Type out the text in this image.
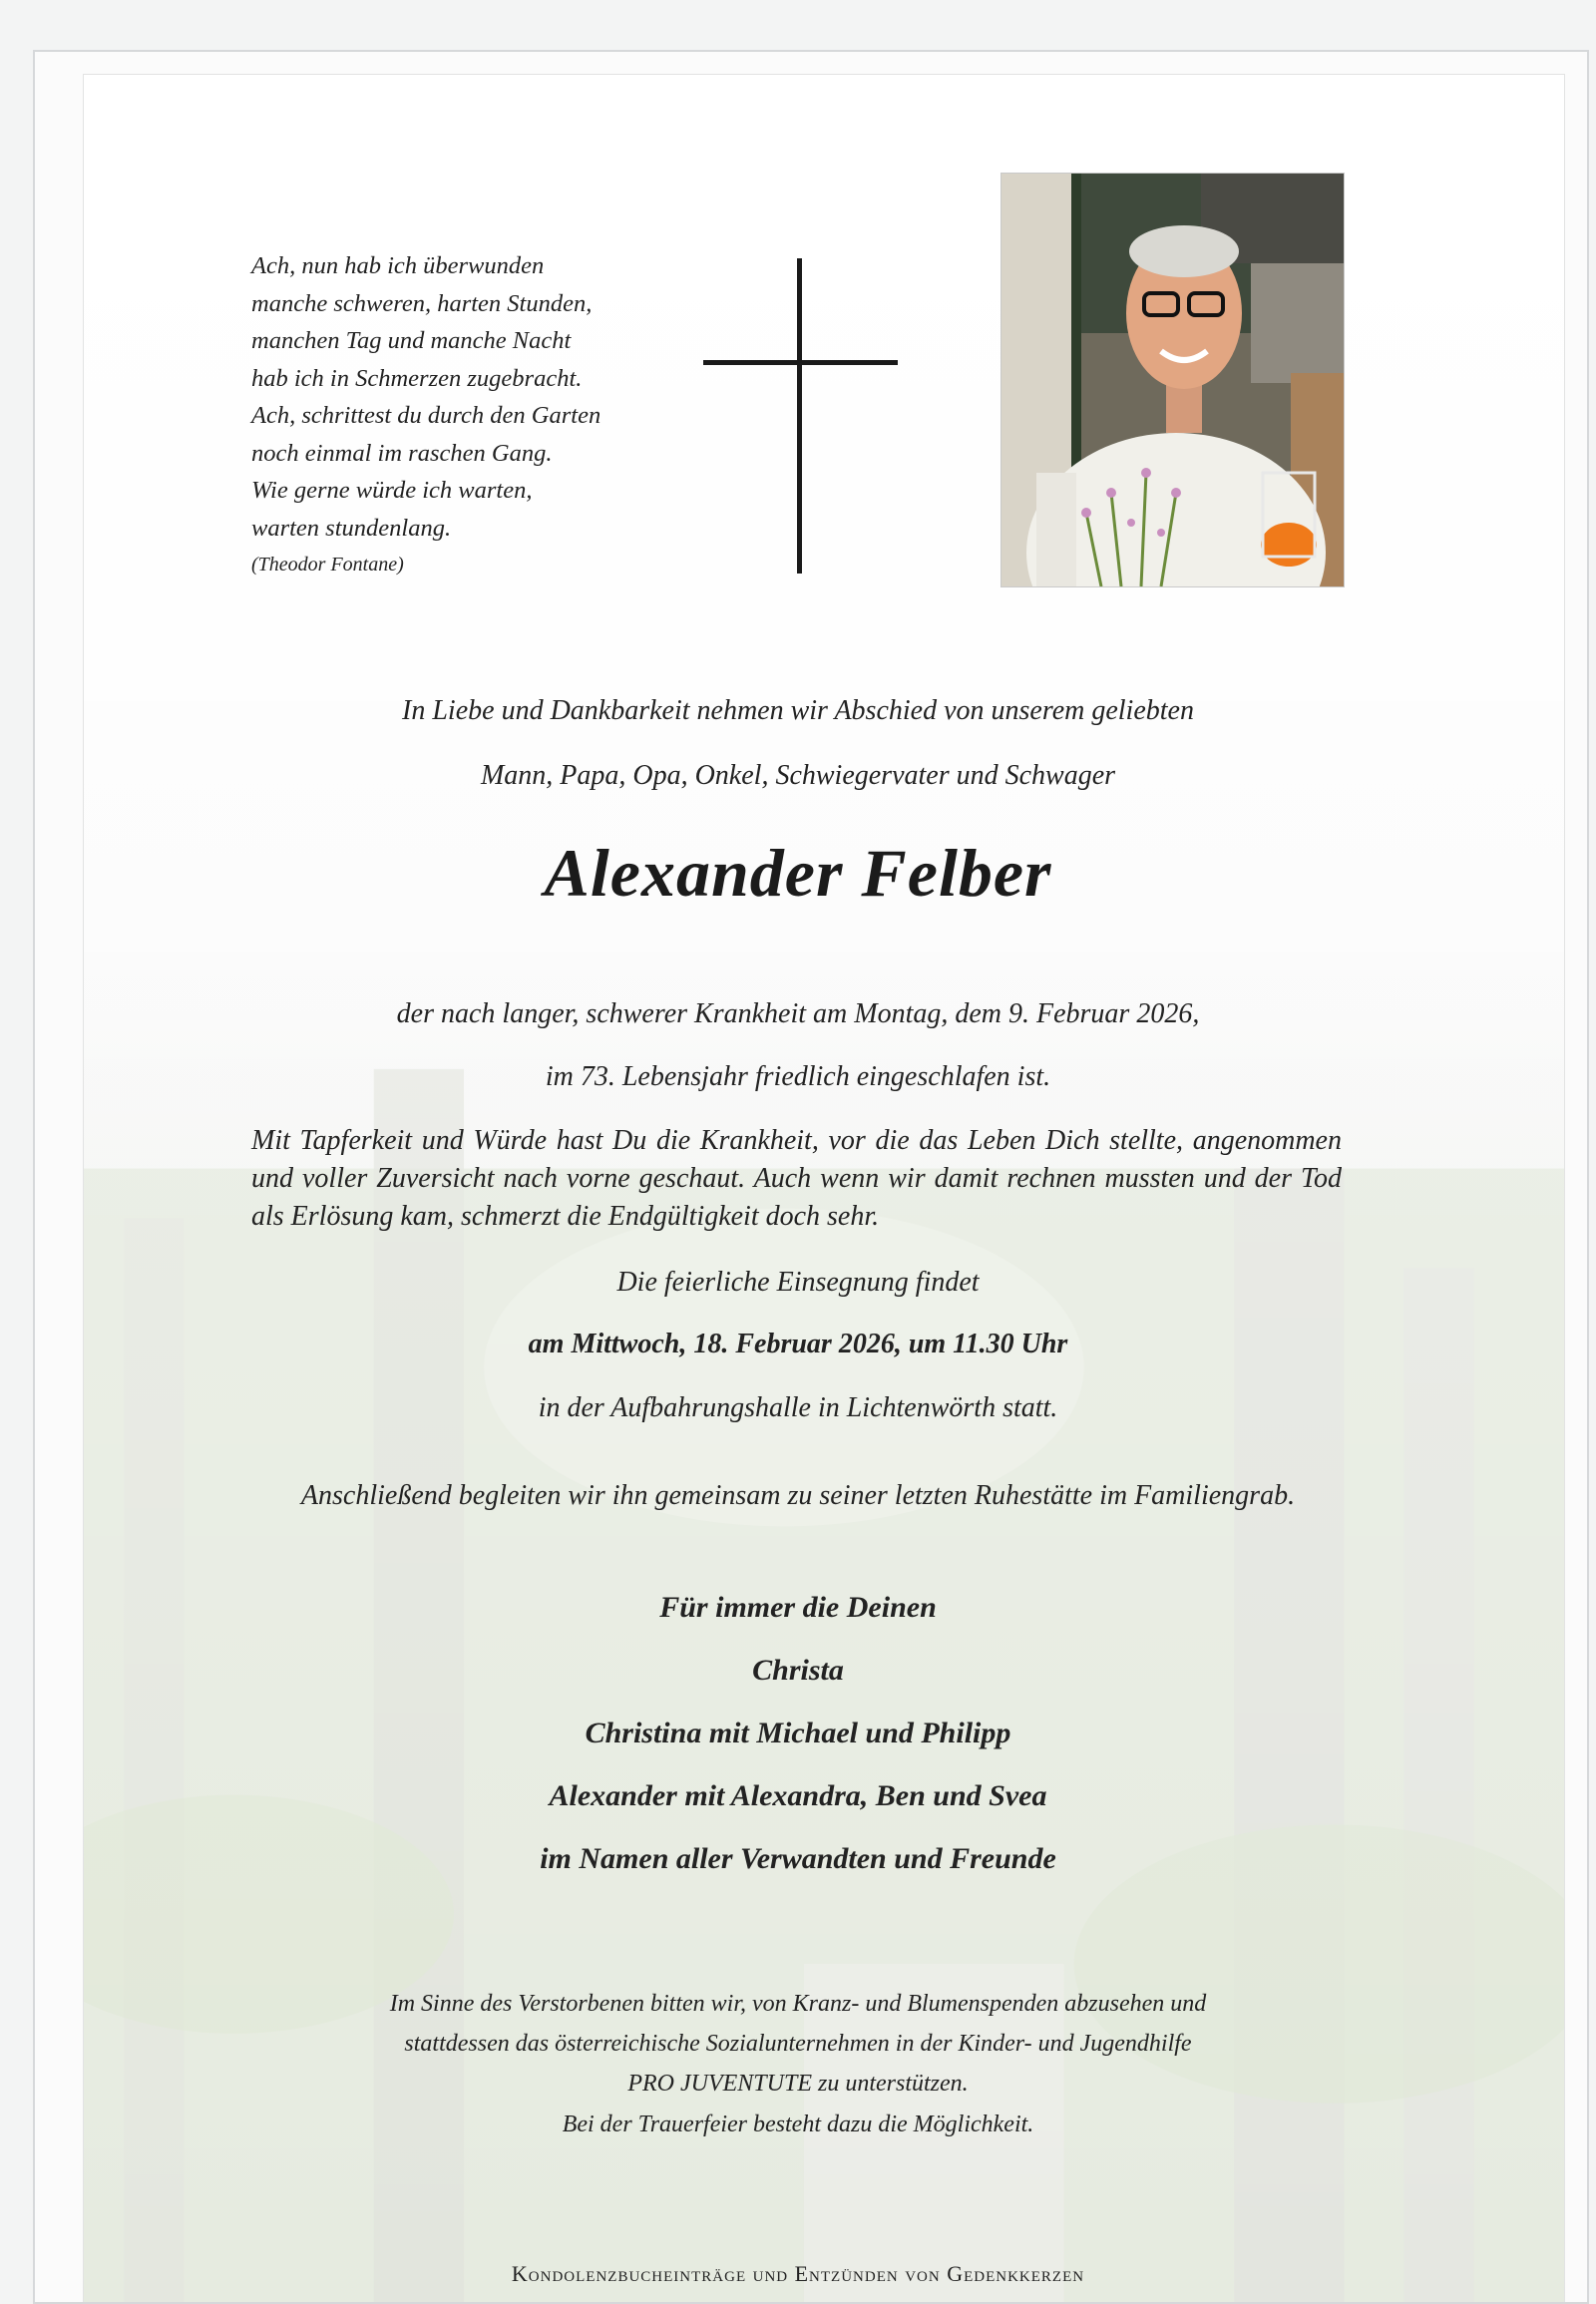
Ach, nun hab ich überwunden
manche schweren, harten Stunden,
manchen Tag und manche Nacht
hab ich in Schmerzen zugebracht.
Ach, schrittest du durch den Garten
noch einmal im raschen Gang.
Wie gerne würde ich warten,
warten stundenlang.
(Theodor Fontane)
In Liebe und Dankbarkeit nehmen wir Abschied von unserem geliebten
Mann, Papa, Opa, Onkel, Schwiegervater und Schwager
Alexander Felber
der nach langer, schwerer Krankheit am Montag, dem 9. Februar 2026,
im 73. Lebensjahr friedlich eingeschlafen ist.
Mit Tapferkeit und Würde hast Du die Krankheit, vor die das Leben Dich stellte, angenommen und voller Zuversicht nach vorne geschaut. Auch wenn wir damit rechnen mussten und der Tod als Erlösung kam, schmerzt die Endgültigkeit doch sehr.
Die feierliche Einsegnung findet
am Mittwoch, 18. Februar 2026, um 11.30 Uhr
in der Aufbahrungshalle in Lichtenwörth statt.
Anschließend begleiten wir ihn gemeinsam zu seiner letzten Ruhestätte im Familiengrab.
Für immer die Deinen
Christa
Christina mit Michael und Philipp
Alexander mit Alexandra, Ben und Svea
im Namen aller Verwandten und Freunde
Im Sinne des Verstorbenen bitten wir, von Kranz- und Blumenspenden abzusehen und
stattdessen das österreichische Sozialunternehmen in der Kinder- und Jugendhilfe
PRO JUVENTUTE zu unterstützen.
Bei der Trauerfeier besteht dazu die Möglichkeit.
Kondolenzbucheinträge und Entzünden von Gedenkkerzen
